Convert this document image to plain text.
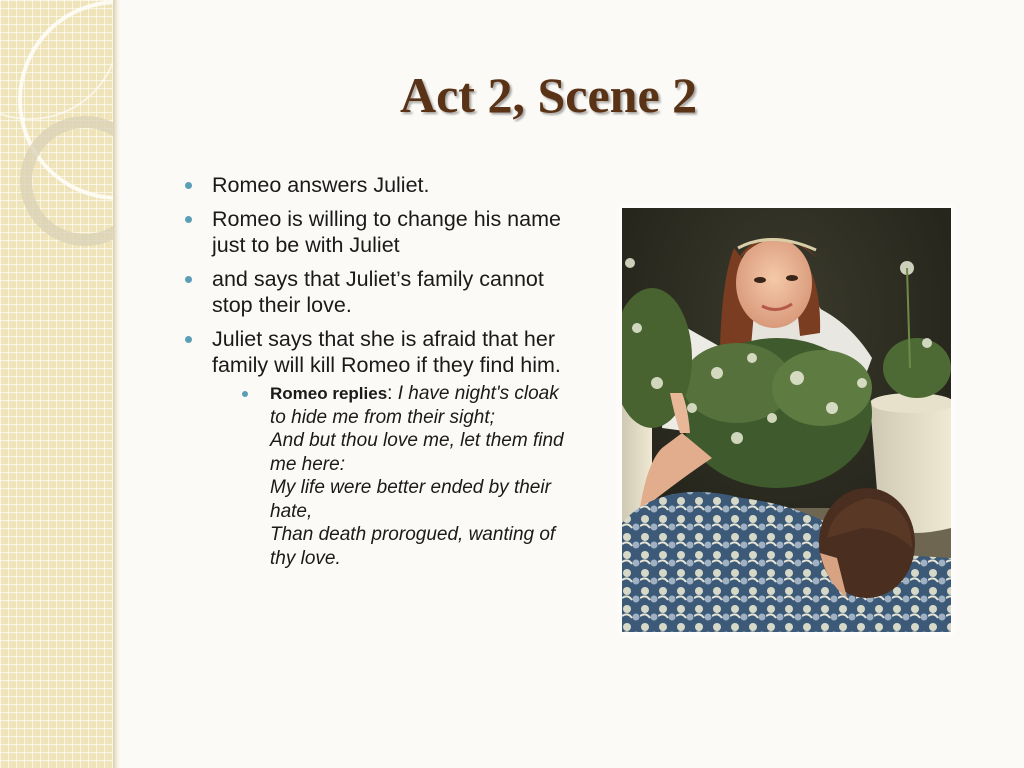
Act 2, Scene 2
Romeo answers Juliet.
Romeo is willing to change his name just to be with Juliet
and says that Juliet’s family cannot stop their love.
Juliet says that she is afraid that her family will kill Romeo if they find him.
Romeo replies: I have night's cloak to hide me from their sight;
And but thou love me, let them find me here:
My life were better ended by their hate,
Than death prorogued, wanting of thy love.
